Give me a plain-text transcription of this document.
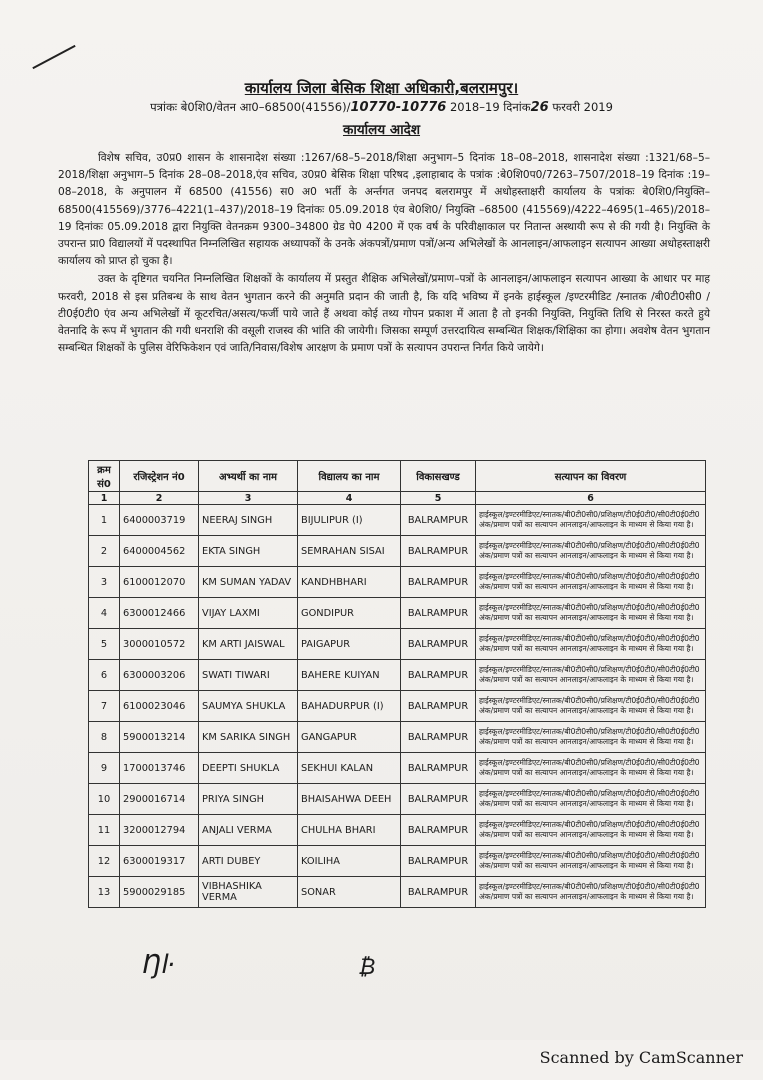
कार्यालय जिला बेसिक शिक्षा अधिकारी,बलरामपुर।
पत्रांकः बे0शि0/वेतन आ0–68500(41556)/10770-10776 2018–19 दिनांक26 फरवरी 2019
कार्यालय आदेश

विशेष सचिव, उ0प्र0 शासन के शासनादेश संख्या :1267/68–5–2018/शिक्षा अनुभाग–5 दिनांक 18–08–2018, शासनादेश संख्या :1321/68–5–2018/शिक्षा अनुभाग–5 दिनांक 28–08–2018,एंव सचिव, उ0प्र0 बेसिक शिक्षा परिषद ,इलाहाबाद के पत्रांक :बे0शि0प0/7263–7507/2018–19 दिनांक :19–08–2018, के अनुपालन में 68500 (41556) स0 अ0 भर्ती के अर्न्तगत जनपद बलरामपुर में अधोहस्ताक्षरी कार्यालय के पत्रांकः बे0शि0/नियुक्ति–68500(415569)/3776–4221(1–437)/2018–19 दिनांकः 05.09.2018 एंव बे0शि0/ नियुक्ति –68500 (415569)/4222–4695(1–465)/2018–19 दिनांकः 05.09.2018 द्वारा नियुक्ति वेतनक्रम 9300–34800 ग्रेड पे0 4200 में एक वर्ष के परिवीक्षाकाल पर नितान्त अस्थायी रूप से की गयी है। नियुक्ति के उपरान्त प्रा0 विद्यालयों में पदस्थापित निम्नलिखित सहायक अध्यापकों के उनके अंकपत्रों/प्रमाण पत्रों/अन्य अभिलेखों के आनलाइन/आफलाइन सत्यापन आख्या अधोहस्ताक्षरी कार्यालय को प्राप्त हो चुका है।

उक्त के दृष्टिगत चयनित निम्नलिखित शिक्षकों के कार्यालय में प्रस्तुत शैक्षिक अभिलेखों/प्रमाण–पत्रों के आनलाइन/आफलाइन सत्यापन आख्या के आधार पर माह फरवरी, 2018 से इस प्रतिबन्ध के साथ वेतन भुगतान करने की अनुमति प्रदान की जाती है, कि यदि भविष्य में इनके हाईस्कूल /इण्टरमीडिट /स्नातक /बी0टी0सी0 /टी0ई0टी0 एंव अन्य अभिलेखों में कूटरचित/असत्य/फर्जी पाये जाते हैं अथवा कोई तथ्य गोपन प्रकाश में आता है तो इनकी नियुक्ति, नियुक्ति तिथि से निरस्त करते हुये वेतनादि के रूप में भुगतान की गयी धनराशि की वसूली राजस्व की भांति की जायेगी। जिसका सम्पूर्ण उत्तरदायित्व सम्बन्धित शिक्षक/शिक्षिका का होगा। अवशेष वेतन भुगतान सम्बन्धित शिक्षकों के पुलिस वेरिफिकेशन एवं जाति/निवास/विशेष आरक्षण के प्रमाण पत्रों के सत्यापन उपरान्त निर्गत किये जायेगे।

क्रम सं0	रजिस्ट्रेशन नं0	अभ्यर्थी का नाम	विद्यालय का नाम	विकासखण्ड	सत्यापन का विवरण
1	2	3	4	5	6
1	6400003719	NEERAJ SINGH	BIJULIPUR (I)	BALRAMPUR	हाईस्कूल/इण्टरमीडिएट/स्नातक/बी0टी0सी0/प्रशिक्षण/टी0ई0टी0/सी0टी0ई0टी0 अंक/प्रमाण पत्रों का सत्यापन आनलाइन/आफलाइन के माध्यम से किया गया है।
2	6400004562	EKTA SINGH	SEMRAHAN SISAI	BALRAMPUR	हाईस्कूल/इण्टरमीडिएट/स्नातक/बी0टी0सी0/प्रशिक्षण/टी0ई0टी0/सी0टी0ई0टी0 अंक/प्रमाण पत्रों का सत्यापन आनलाइन/आफलाइन के माध्यम से किया गया है।
3	6100012070	KM SUMAN YADAV	KANDHBHARI	BALRAMPUR	हाईस्कूल/इण्टरमीडिएट/स्नातक/बी0टी0सी0/प्रशिक्षण/टी0ई0टी0/सी0टी0ई0टी0 अंक/प्रमाण पत्रों का सत्यापन आनलाइन/आफलाइन के माध्यम से किया गया है।
4	6300012466	VIJAY LAXMI	GONDIPUR	BALRAMPUR	हाईस्कूल/इण्टरमीडिएट/स्नातक/बी0टी0सी0/प्रशिक्षण/टी0ई0टी0/सी0टी0ई0टी0 अंक/प्रमाण पत्रों का सत्यापन आनलाइन/आफलाइन के माध्यम से किया गया है।
5	3000010572	KM ARTI JAISWAL	PAIGAPUR	BALRAMPUR	हाईस्कूल/इण्टरमीडिएट/स्नातक/बी0टी0सी0/प्रशिक्षण/टी0ई0टी0/सी0टी0ई0टी0 अंक/प्रमाण पत्रों का सत्यापन आनलाइन/आफलाइन के माध्यम से किया गया है।
6	6300003206	SWATI TIWARI	BAHERE KUIYAN	BALRAMPUR	हाईस्कूल/इण्टरमीडिएट/स्नातक/बी0टी0सी0/प्रशिक्षण/टी0ई0टी0/सी0टी0ई0टी0 अंक/प्रमाण पत्रों का सत्यापन आनलाइन/आफलाइन के माध्यम से किया गया है।
7	6100023046	SAUMYA SHUKLA	BAHADURPUR (I)	BALRAMPUR	हाईस्कूल/इण्टरमीडिएट/स्नातक/बी0टी0सी0/प्रशिक्षण/टी0ई0टी0/सी0टी0ई0टी0 अंक/प्रमाण पत्रों का सत्यापन आनलाइन/आफलाइन के माध्यम से किया गया है।
8	5900013214	KM SARIKA SINGH	GANGAPUR	BALRAMPUR	हाईस्कूल/इण्टरमीडिएट/स्नातक/बी0टी0सी0/प्रशिक्षण/टी0ई0टी0/सी0टी0ई0टी0 अंक/प्रमाण पत्रों का सत्यापन आनलाइन/आफलाइन के माध्यम से किया गया है।
9	1700013746	DEEPTI SHUKLA	SEKHUI KALAN	BALRAMPUR	हाईस्कूल/इण्टरमीडिएट/स्नातक/बी0टी0सी0/प्रशिक्षण/टी0ई0टी0/सी0टी0ई0टी0 अंक/प्रमाण पत्रों का सत्यापन आनलाइन/आफलाइन के माध्यम से किया गया है।
10	2900016714	PRIYA SINGH	BHAISAHWA DEEH	BALRAMPUR	हाईस्कूल/इण्टरमीडिएट/स्नातक/बी0टी0सी0/प्रशिक्षण/टी0ई0टी0/सी0टी0ई0टी0 अंक/प्रमाण पत्रों का सत्यापन आनलाइन/आफलाइन के माध्यम से किया गया है।
11	3200012794	ANJALI VERMA	CHULHA BHARI	BALRAMPUR	हाईस्कूल/इण्टरमीडिएट/स्नातक/बी0टी0सी0/प्रशिक्षण/टी0ई0टी0/सी0टी0ई0टी0 अंक/प्रमाण पत्रों का सत्यापन आनलाइन/आफलाइन के माध्यम से किया गया है।
12	6300019317	ARTI DUBEY	KOILIHA	BALRAMPUR	हाईस्कूल/इण्टरमीडिएट/स्नातक/बी0टी0सी0/प्रशिक्षण/टी0ई0टी0/सी0टी0ई0टी0 अंक/प्रमाण पत्रों का सत्यापन आनलाइन/आफलाइन के माध्यम से किया गया है।
13	5900029185	VIBHASHIKA VERMA	SONAR	BALRAMPUR	हाईस्कूल/इण्टरमीडिएट/स्नातक/बी0टी0सी0/प्रशिक्षण/टी0ई0टी0/सी0टी0ई0टी0 अंक/प्रमाण पत्रों का सत्यापन आनलाइन/आफलाइन के माध्यम से किया गया है।
Ŋŀ	₿
Scanned by CamScanner
